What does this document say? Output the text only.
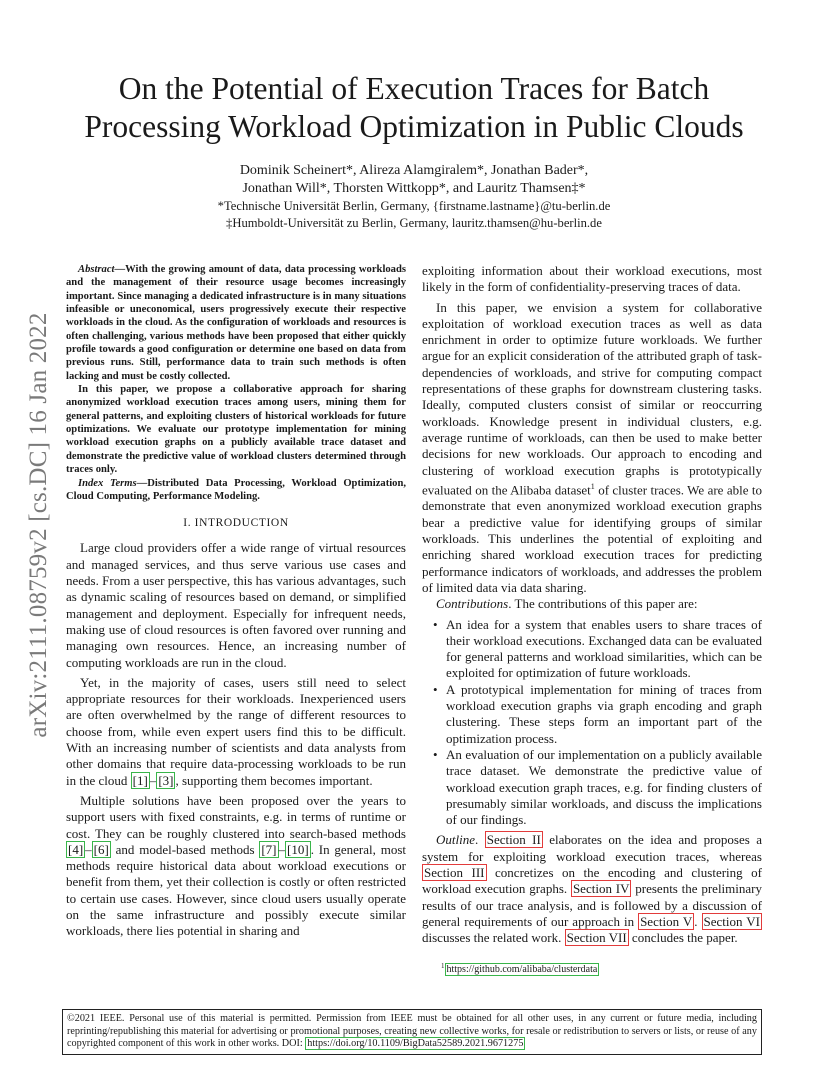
arXiv:2111.08759v2 [cs.DC] 16 Jan 2022
On the Potential of Execution Traces for Batch
Processing Workload Optimization in Public Clouds
Dominik Scheinert*, Alireza Alamgiralem*, Jonathan Bader*,
Jonathan Will*, Thorsten Wittkopp*, and Lauritz Thamsen‡*
*Technische Universität Berlin, Germany, {firstname.lastname}@tu-berlin.de
‡Humboldt-Universität zu Berlin, Germany, lauritz.thamsen@hu-berlin.de

Abstract—With the growing amount of data, data processing workloads and the management of their resource usage becomes increasingly important. Since managing a dedicated infrastructure is in many situations infeasible or uneconomical, users progressively execute their respective workloads in the cloud. As the configuration of workloads and resources is often challenging, various methods have been proposed that either quickly profile towards a good configuration or determine one based on data from previous runs. Still, performance data to train such methods is often lacking and must be costly collected.

In this paper, we propose a collaborative approach for sharing anonymized workload execution traces among users, mining them for general patterns, and exploiting clusters of historical workloads for future optimizations. We evaluate our prototype implementation for mining workload execution graphs on a publicly available trace dataset and demonstrate the predictive value of workload clusters determined through traces only.

Index Terms—Distributed Data Processing, Workload Optimization, Cloud Computing, Performance Modeling.

I. INTRODUCTION

Large cloud providers offer a wide range of virtual resources and managed services, and thus serve various use cases and needs. From a user perspective, this has various advantages, such as dynamic scaling of resources based on demand, or simplified management and deployment. Especially for infrequent needs, making use of cloud resources is often favored over running and managing own resources. Hence, an increasing number of computing workloads are run in the cloud.

Yet, in the majority of cases, users still need to select appropriate resources for their workloads. Inexperienced users are often overwhelmed by the range of different resources to choose from, while even expert users find this to be difficult. With an increasing number of scientists and data analysts from other domains that require data-processing workloads to be run in the cloud [1] – [3] , supporting them becomes important.

Multiple solutions have been proposed over the years to support users with fixed constraints, e.g. in terms of runtime or cost. They can be roughly clustered into search-based methods [4] – [6] and model-based methods [7] – [10] . In general, most methods require historical data about workload executions or benefit from them, yet their collection is costly or often restricted to certain use cases. However, since cloud users usually operate on the same infrastructure and possibly execute similar workloads, there lies potential in sharing and

exploiting information about their workload executions, most likely in the form of confidentiality-preserving traces of data.

In this paper, we envision a system for collaborative exploitation of workload execution traces as well as data enrichment in order to optimize future workloads. We further argue for an explicit consideration of the attributed graph of task-dependencies of workloads, and strive for computing compact representations of these graphs for downstream clustering tasks. Ideally, computed clusters consist of similar or reoccurring workloads. Knowledge present in individual clusters, e.g. average runtime of workloads, can then be used to make better decisions for new workloads. Our approach to encoding and clustering of workload execution graphs is prototypically evaluated on the Alibaba dataset$^1$ of cluster traces. We are able to demonstrate that even anonymized workload execution graphs bear a predictive value for identifying groups of similar workloads. This underlines the potential of exploiting and enriching shared workload execution traces for predicting performance indicators of workloads, and addresses the problem of limited data via data sharing.

Contributions. The contributions of this paper are:

• An idea for a system that enables users to share traces of their workload executions. Exchanged data can be evaluated for general patterns and workload similarities, which can be exploited for optimization of future workloads.
• A prototypical implementation for mining of traces from workload execution graphs via graph encoding and graph clustering. These steps form an important part of the optimization process.
• An evaluation of our implementation on a publicly available trace dataset. We demonstrate the predictive value of workload execution graph traces, e.g. for finding clusters of presumably similar workloads, and discuss the implications of our findings.

Outline. Section II elaborates on the idea and proposes a system for exploiting workload execution traces, whereas Section III concretizes on the encoding and clustering of workload execution graphs. Section IV presents the preliminary results of our trace analysis, and is followed by a discussion of general requirements of our approach in Section V . Section VI discusses the related work. Section VII concludes the paper.

$^1$ https://github.com/alibaba/clusterdata
©2021 IEEE. Personal use of this material is permitted. Permission from IEEE must be obtained for all other uses, in any current or future media, including reprinting/republishing this material for advertising or promotional purposes, creating new collective works, for resale or redistribution to servers or lists, or reuse of any copyrighted component of this work in other works. DOI: https://doi.org/10.1109/BigData52589.2021.9671275
